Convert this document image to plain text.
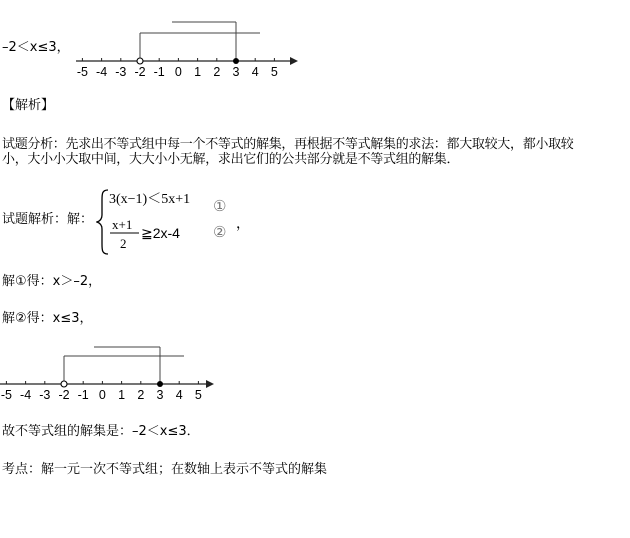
–2＜x≤3，
-5 -4 -3 -2 -1 0 1 2 3 4 5
【解析】
试题分析：先求出不等式组中每一个不等式的解集，再根据不等式解集的求法：都大取较大，都小取较
小，大小小大取中间，大大小小无解，求出它们的公共部分就是不等式组的解集．
试题解析：解：
3(x−1)＜5x+1
x+1
2
≧2x-4
①
②
，
解①得：x＞–2，
解②得：x≤3，
-5 -4 -3 -2 -1 0 1 2 3 4 5
故不等式组的解集是：–2＜x≤3．
考点：解一元一次不等式组；在数轴上表示不等式的解集
